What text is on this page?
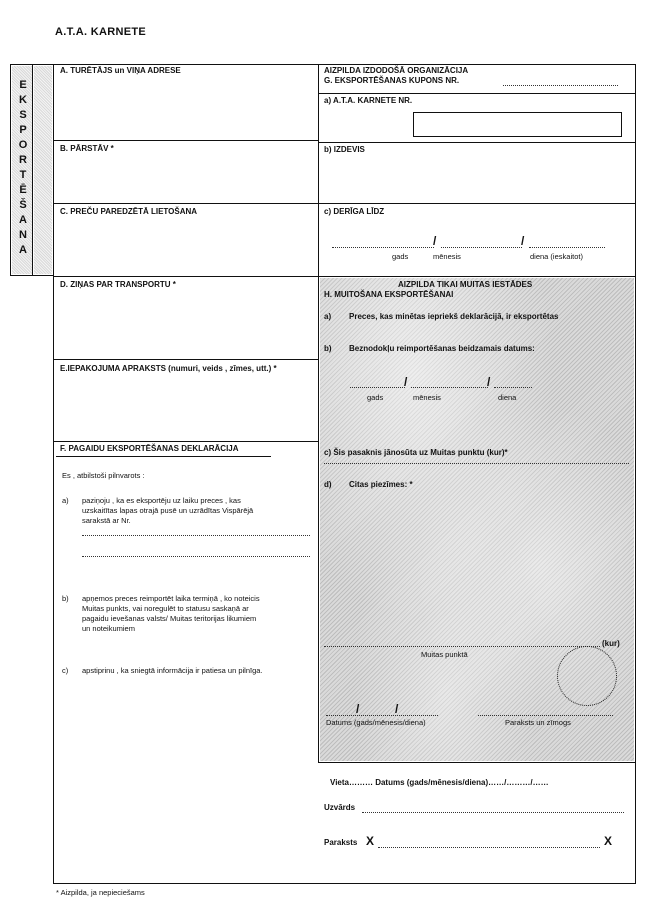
A.T.A. KARNETE
E
K
S
P
O
R
T
Ē
Š
A
N
A
A. TURĒTĀJS un VIŅA ADRESE
B. PĀRSTĀV *
C. PREČU PAREDZĒTĀ LIETOŠANA
D. ZIŅAS PAR TRANSPORTU *
E.IEPAKOJUMA APRAKSTS (numuri, veids , zīmes, utt.) *
F. PAGAIDU EKSPORTĒŠANAS DEKLARĀCIJA
Es , atbilstoši pilnvarots :
a) paziņoju , ka es eksportēju uz laiku preces , kas
uzskaitītas lapas otrajā pusē un uzrādītas Vispārējā
sarakstā ar Nr.
b) apņemos preces reimportēt laika termiņā , ko noteicis
Muitas punkts, vai noregulēt to statusu saskaņā ar
pagaidu ievešanas valsts/ Muitas teritorijas likumiem
un noteikumiem
c) apstiprinu , ka sniegtā informācija ir patiesa un pilnīga.
AIZPILDA IZDODOŠĀ ORGANIZĀCIJA
G. EKSPORTĒŠANAS KUPONS NR.
a) A.T.A. KARNETE NR.
b) IZDEVIS
c) DERĪGA LĪDZ
/	/
gads	mēnesis	diena (ieskaitot)
AIZPILDA TIKAI MUITAS IESTĀDES
H. MUITOŠANA EKSPORTĒŠANAI
a) Preces, kas minētas iepriekš deklarācijā, ir eksportētas
b) Beznodokļu reimportēšanas beidzamais datums:
/	/
gads	mēnesis	diena
c) Šis pasaknis jānosūta uz Muitas punktu (kur)*
d) Citas piezīmes: *
(kur)
Muitas punktā
/	/
Datums (gads/mēnesis/diena)	Paraksts un zīmogs
Vieta……… Datums (gads/mēnesis/diena)……/………/……
Uzvārds
Paraksts X	X
* Aizpilda, ja nepieciešams
